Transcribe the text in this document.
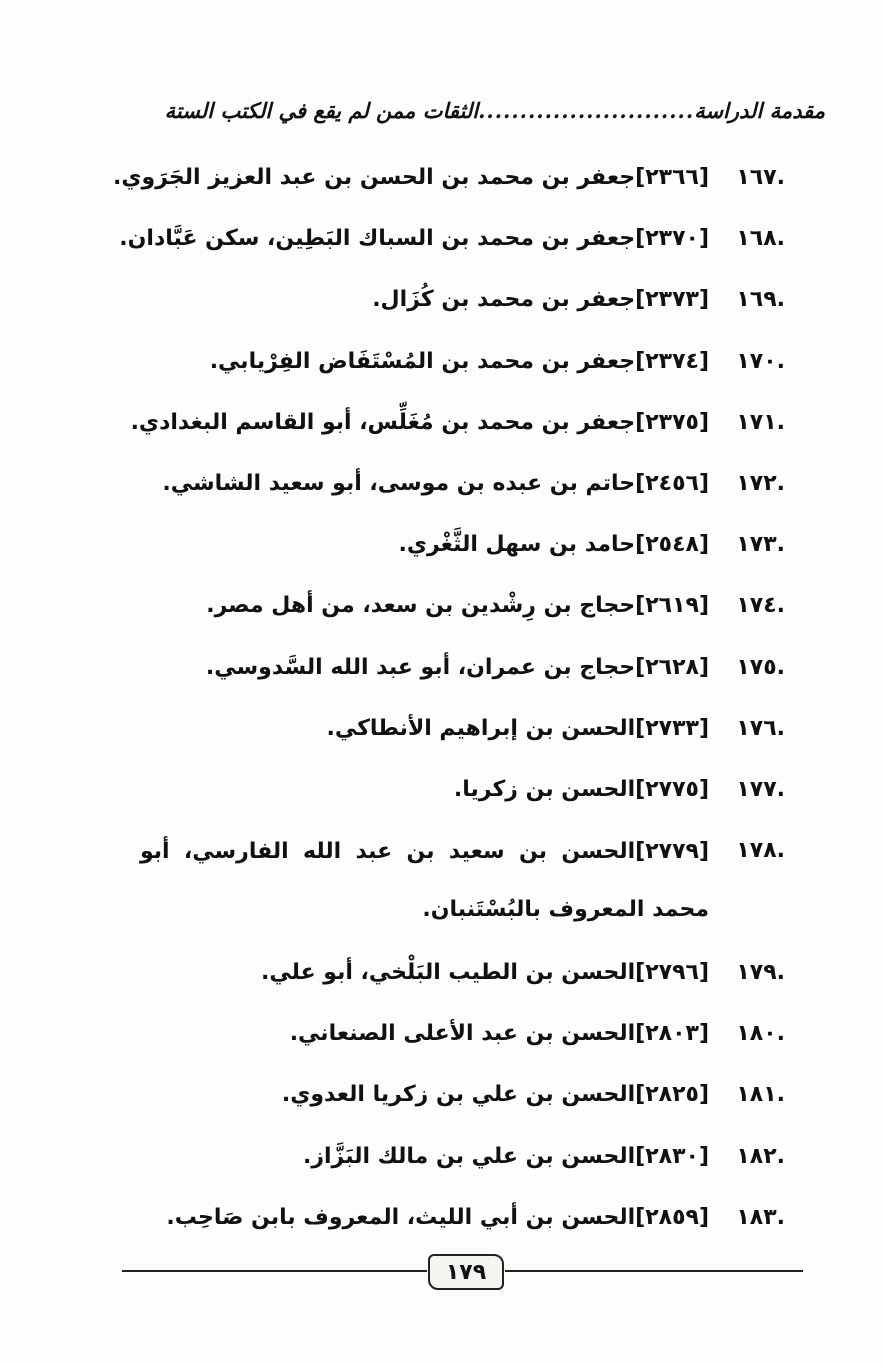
مقدمة الدراسة
..........................
الثقات ممن لم يقع في الكتب الستة
.١٦٧
[٢٣٦٦]جعفر بن محمد بن الحسن بن عبد العزيز الجَرَوي.
.١٦٨
[٢٣٧٠]جعفر بن محمد بن السباك البَطِين، سكن عَبَّادان.
.١٦٩
[٢٣٧٣]جعفر بن محمد بن كُزَال.
.١٧٠
[٢٣٧٤]جعفر بن محمد بن المُسْتَفَاض الفِرْيابي.
.١٧١
[٢٣٧٥]جعفر بن محمد بن مُغَلِّس، أبو القاسم البغدادي.
.١٧٢
[٢٤٥٦]حاتم بن عبده بن موسى، أبو سعيد الشاشي.
.١٧٣
[٢٥٤٨]حامد بن سهل الثَّغْري.
.١٧٤
[٢٦١٩]حجاج بن رِشْدين بن سعد، من أهل مصر.
.١٧٥
[٢٦٢٨]حجاج بن عمران، أبو عبد الله السَّدوسي.
.١٧٦
[٢٧٣٣]الحسن بن إبراهيم الأنطاكي.
.١٧٧
[٢٧٧٥]الحسن بن زكريا.
.١٧٨
[٢٧٧٩]الحسن بن سعيد بن عبد الله الفارسي، أبو محمد المعروف بالبُسْتَنبان.
.١٧٩
[٢٧٩٦]الحسن بن الطيب البَلْخي، أبو علي.
.١٨٠
[٢٨٠٣]الحسن بن عبد الأعلى الصنعاني.
.١٨١
[٢٨٢٥]الحسن بن علي بن زكريا العدوي.
.١٨٢
[٢٨٣٠]الحسن بن علي بن مالك البَزَّاز.
.١٨٣
[٢٨٥٩]الحسن بن أبي الليث، المعروف بابن صَاحِب.
١٧٩
